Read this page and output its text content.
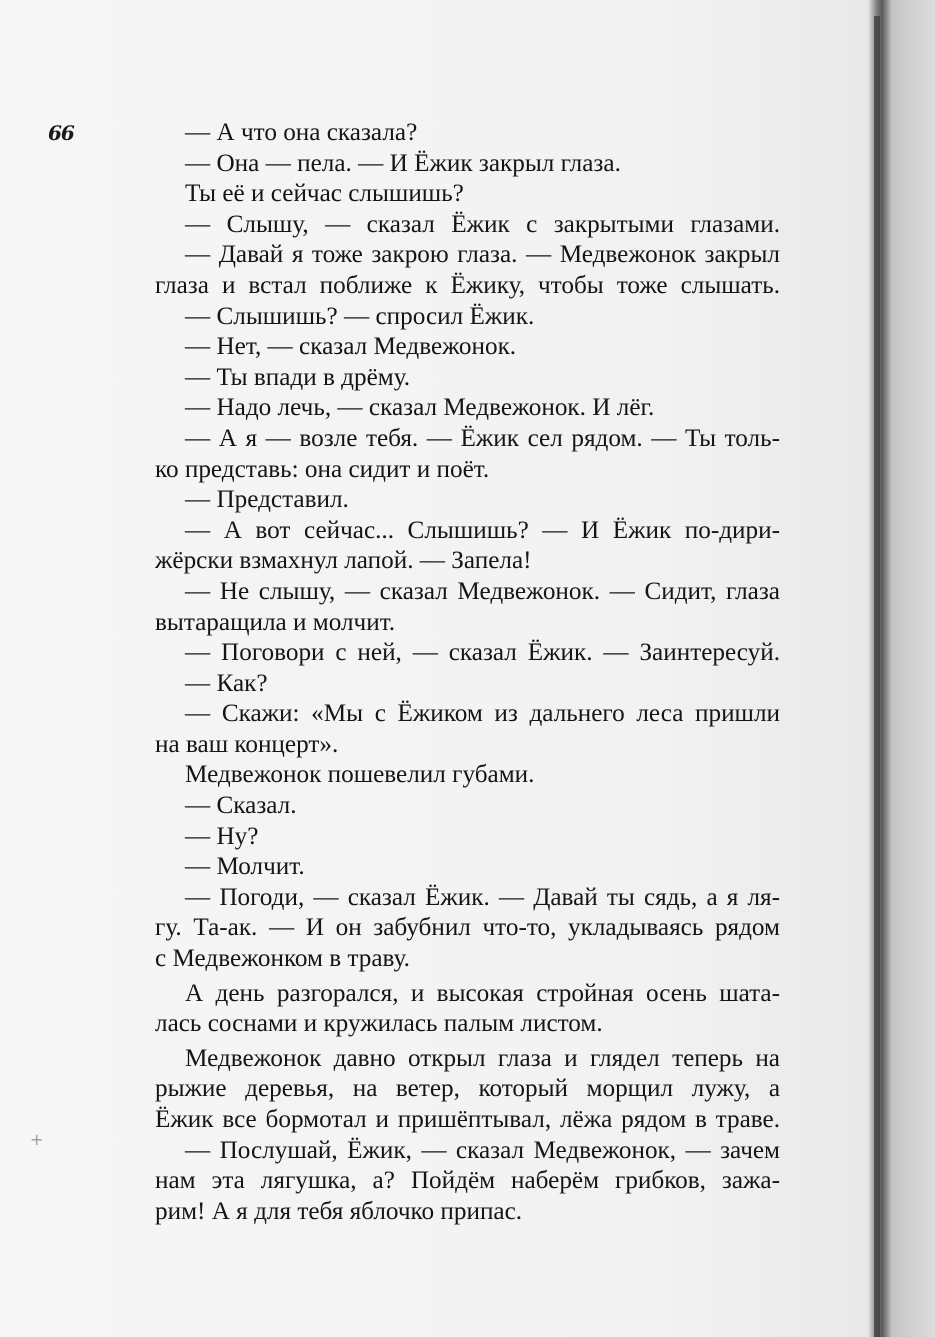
66	— А что она сказала?
— Она — пела. — И Ёжик закрыл глаза.
Ты её и сейчас слышишь?
— Слышу, — сказал Ёжик с закрытыми глазами.
— Давай я тоже закрою глаза. — Медвежонок закрыл
глаза и встал поближе к Ёжику, чтобы тоже слышать.
— Слышишь? — спросил Ёжик.
— Нет, — сказал Медвежонок.
— Ты впади в дрёму.
— Надо лечь, — сказал Медвежонок. И лёг.
— А я — возле тебя. — Ёжик сел рядом. — Ты толь-
ко представь: она сидит и поёт.
— Представил.
— А вот сейчас... Слышишь? — И Ёжик по-дири-
жёрски взмахнул лапой. — Запела!
— Не слышу, — сказал Медвежонок. — Сидит, глаза
вытаращила и молчит.
— Поговори с ней, — сказал Ёжик. — Заинтересуй.
— Как?
— Скажи: «Мы с Ёжиком из дальнего леса пришли
на ваш концерт».
Медвежонок пошевелил губами.
— Сказал.
— Ну?
— Молчит.
— Погоди, — сказал Ёжик. — Давай ты сядь, а я ля-
гу. Та-ак. — И он забубнил что-то, укладываясь рядом
с Медвежонком в траву.
А день разгорался, и высокая стройная осень шата-
лась соснами и кружилась палым листом.
Медвежонок давно открыл глаза и глядел теперь на
рыжие деревья, на ветер, который морщил лужу, а
Ёжик все бормотал и пришёптывал, лёжа рядом в траве.
— Послушай, Ёжик, — сказал Медвежонок, — зачем
нам эта лягушка, а? Пойдём наберём грибков, зажа-
рим! А я для тебя яблочко припас.
+
